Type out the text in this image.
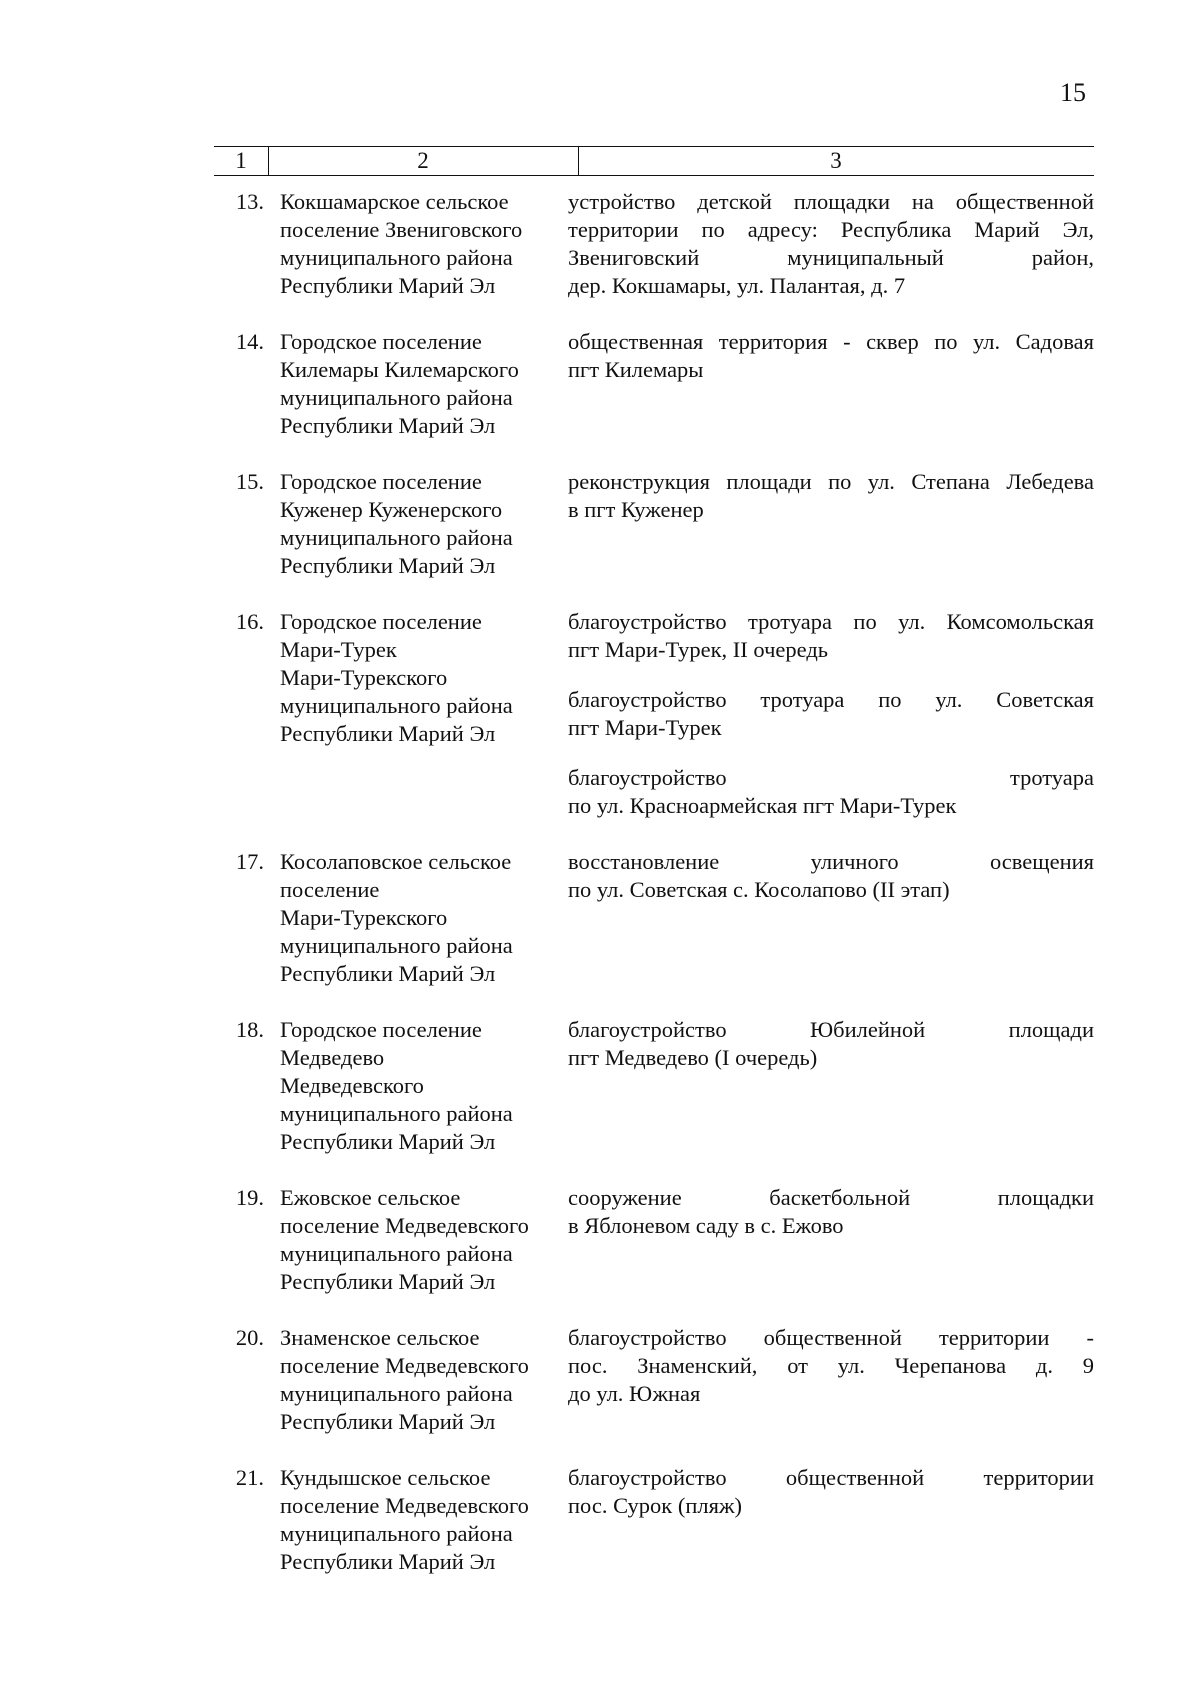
15
1	2	3
13. Кокшамарское сельское
поселение Звениговского
муниципального района
Республики Марий Эл
устройство детской площадки на общественной
территории по адресу: Республика Марий Эл,
Звениговский муниципальный район,
дер. Кокшамары, ул. Палантая, д. 7
14. Городское поселение
Килемары Килемарского
муниципального района
Республики Марий Эл
общественная территория - сквер по ул. Садовая
пгт Килемары
15. Городское поселение
Куженер Куженерского
муниципального района
Республики Марий Эл
реконструкция площади по ул. Степана Лебедева
в пгт Куженер
16. Городское поселение
Мари-Турек
Мари-Турекского
муниципального района
Республики Марий Эл
благоустройство тротуара по ул. Комсомольская
пгт Мари-Турек, II очередь
благоустройство тротуара по ул. Советская
пгт Мари-Турек
благоустройство тротуара
по ул. Красноармейская пгт Мари-Турек
17. Косолаповское сельское
поселение
Мари-Турекского
муниципального района
Республики Марий Эл
восстановление уличного освещения
по ул. Советская с. Косолапово (II этап)
18. Городское поселение
Медведево
Медведевского
муниципального района
Республики Марий Эл
благоустройство Юбилейной площади
пгт Медведево (I очередь)
19. Ежовское сельское
поселение Медведевского
муниципального района
Республики Марий Эл
сооружение баскетбольной площадки
в Яблоневом саду в с. Ежово
20. Знаменское сельское
поселение Медведевского
муниципального района
Республики Марий Эл
благоустройство общественной территории -
пос. Знаменский, от ул. Черепанова д. 9
до ул. Южная
21. Кундышское сельское
поселение Медведевского
муниципального района
Республики Марий Эл
благоустройство общественной территории
пос. Сурок (пляж)
